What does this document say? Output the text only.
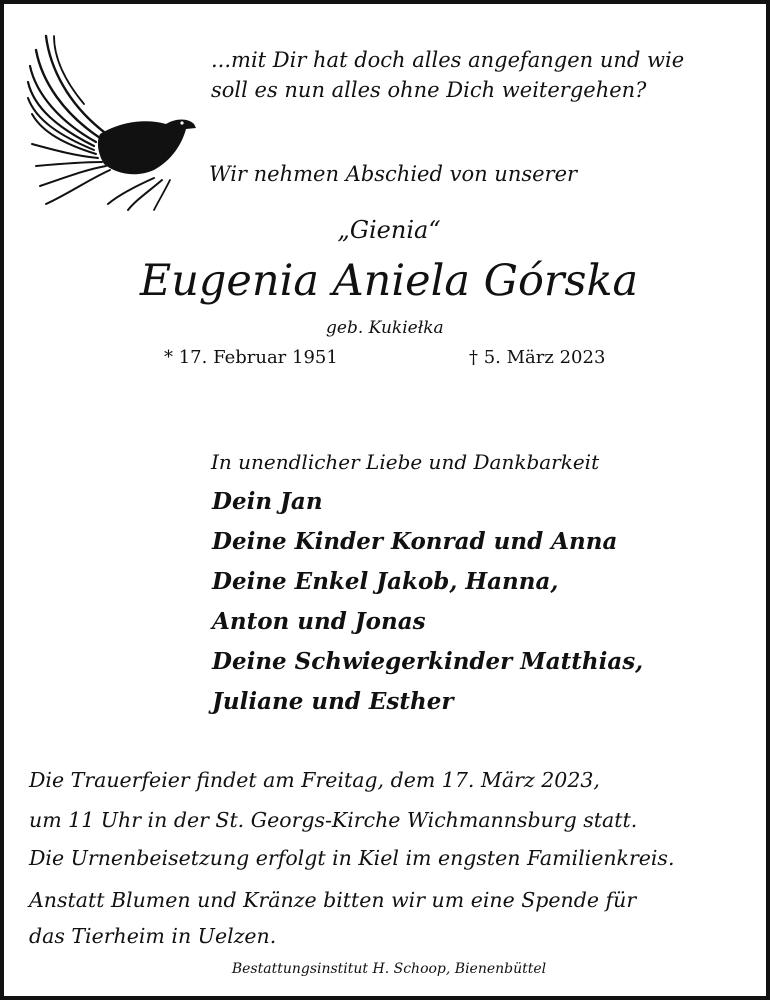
...mit Dir hat doch alles angefangen und wie
soll es nun alles ohne Dich weitergehen?
Wir nehmen Abschied von unserer
„Gienia“
Eugenia Aniela Górska
geb. Kukiełka
* 17. Februar 1951	† 5. März 2023
In unendlicher Liebe und Dankbarkeit
Dein Jan
Deine Kinder Konrad und Anna
Deine Enkel Jakob, Hanna,
Anton und Jonas
Deine Schwiegerkinder Matthias,
Juliane und Esther
Die Trauerfeier findet am Freitag, dem 17. März 2023,
um 11 Uhr in der St. Georgs-Kirche Wichmannsburg statt.
Die Urnenbeisetzung erfolgt in Kiel im engsten Familienkreis.
Anstatt Blumen und Kränze bitten wir um eine Spende für
das Tierheim in Uelzen.
Bestattungsinstitut H. Schoop, Bienenbüttel
